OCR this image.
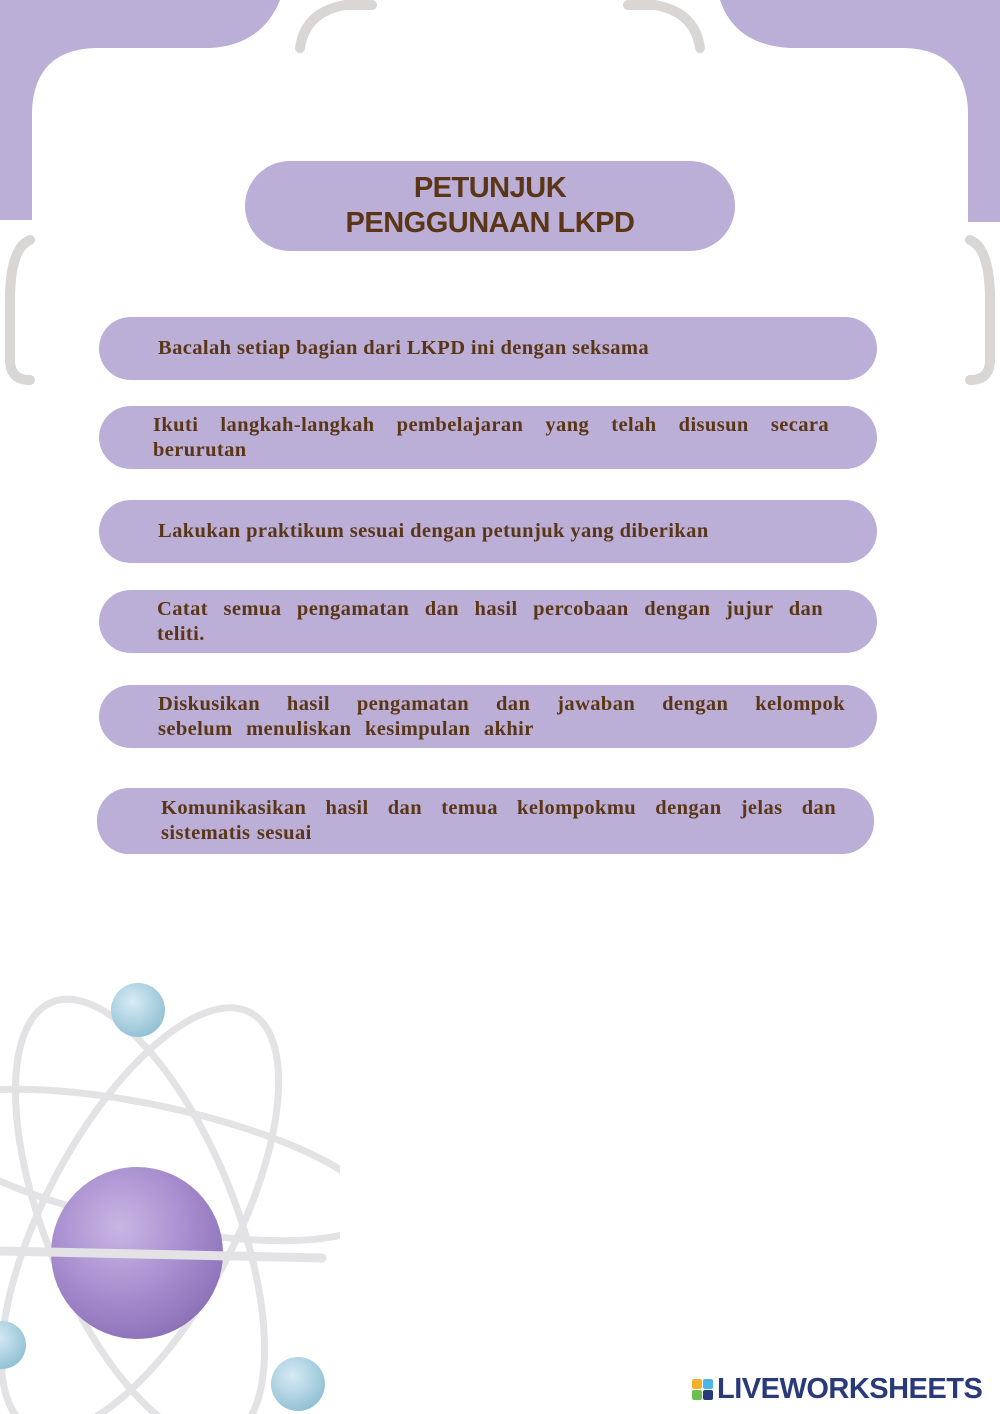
PETUNJUK
PENGGUNAAN LKPD
Bacalah setiap bagian dari LKPD ini dengan seksama
Ikuti langkah-langkah pembelajaran yang telah disusun secara berurutan
Lakukan praktikum sesuai dengan petunjuk yang diberikan
Catat semua pengamatan dan hasil percobaan dengan jujur dan teliti.
Diskusikan hasil pengamatan dan jawaban dengan kelompok sebelum menuliskan kesimpulan akhir
Komunikasikan hasil dan temua kelompokmu dengan jelas dan sistematis sesuai
LIVEWORKSHEETS
